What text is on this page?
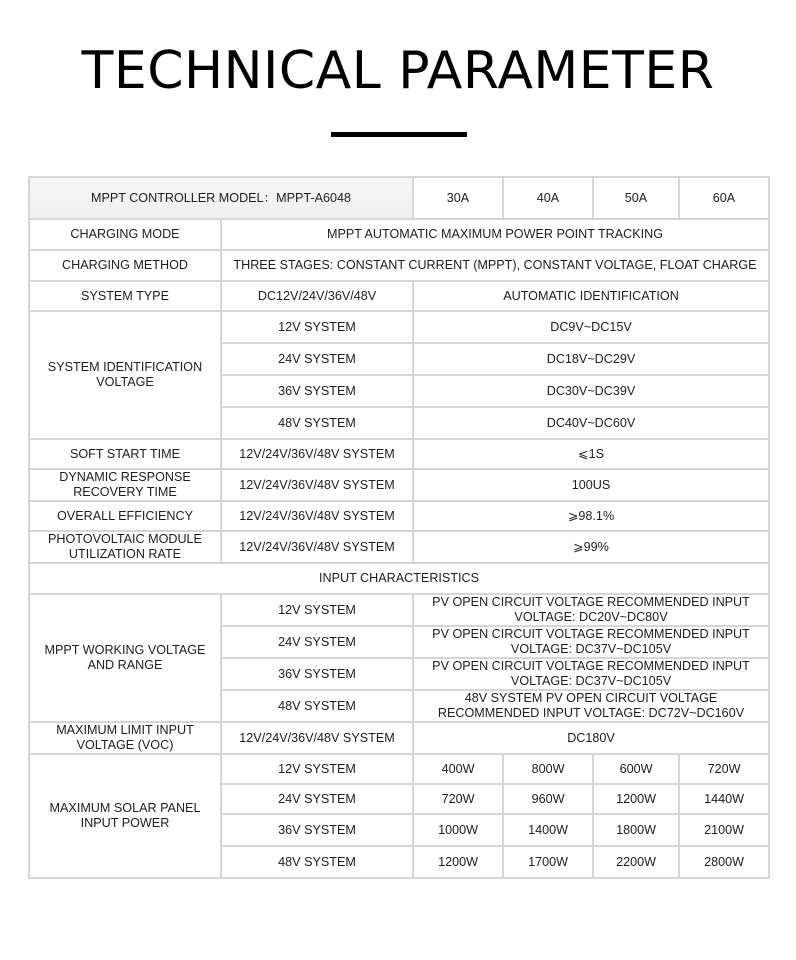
TECHNICAL PARAMETER
MPPT CONTROLLER MODEL：MPPT-A6048		30A	40A	50A	60A
CHARGING MODE	MPPT AUTOMATIC MAXIMUM POWER POINT TRACKING				
CHARGING METHOD	THREE STAGES: CONSTANT CURRENT (MPPT), CONSTANT VOLTAGE, FLOAT CHARGE				
SYSTEM TYPE	DC12V/24V/36V/48V	AUTOMATIC IDENTIFICATION			
SYSTEM IDENTIFICATION VOLTAGE	12V SYSTEM	DC9V~DC15V			
	24V SYSTEM	DC18V~DC29V			
	36V SYSTEM	DC30V~DC39V			
	48V SYSTEM	DC40V~DC60V			
SOFT START TIME	12V/24V/36V/48V SYSTEM	⩽1S			
DYNAMIC RESPONSE RECOVERY TIME	12V/24V/36V/48V SYSTEM	100US			
OVERALL EFFICIENCY	12V/24V/36V/48V SYSTEM	⩾98.1%			
PHOTOVOLTAIC MODULE UTILIZATION RATE	12V/24V/36V/48V SYSTEM	⩾99%			
INPUT CHARACTERISTICS					
MPPT WORKING VOLTAGE AND RANGE	12V SYSTEM	PV OPEN CIRCUIT VOLTAGE RECOMMENDED INPUT VOLTAGE: DC20V~DC80V			
	24V SYSTEM	PV OPEN CIRCUIT VOLTAGE RECOMMENDED INPUT VOLTAGE: DC37V~DC105V			
	36V SYSTEM	PV OPEN CIRCUIT VOLTAGE RECOMMENDED INPUT VOLTAGE: DC37V~DC105V			
	48V SYSTEM	48V SYSTEM PV OPEN CIRCUIT VOLTAGE RECOMMENDED INPUT VOLTAGE: DC72V~DC160V			
MAXIMUM LIMIT INPUT VOLTAGE (VOC)	12V/24V/36V/48V SYSTEM	DC180V			
MAXIMUM SOLAR PANEL INPUT POWER	12V SYSTEM	400W	800W	600W	720W
	24V SYSTEM	720W	960W	1200W	1440W
	36V SYSTEM	1000W	1400W	1800W	2100W
	48V SYSTEM	1200W	1700W	2200W	2800W
